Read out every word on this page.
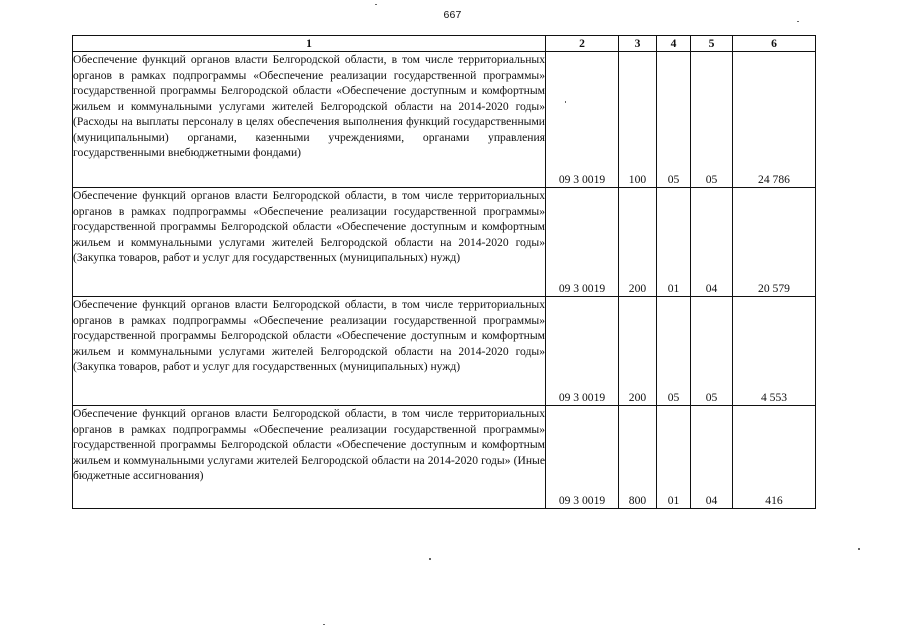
667
1	2	3	4	5	6
Обеспечение функций органов власти Белгородской области, в том числе территориальных органов в рамках подпрограммы «Обеспечение реализации государственной программы» государственной программы Белгородской области «Обеспечение доступным и комфортным жильем и коммунальными услугами жителей Белгородской области на 2014-2020 годы» (Расходы на выплаты персоналу в целях обеспечения выполнения функций государственными (муниципальными) органами, казенными учреждениями, органами управления государственными внебюджетными фондами)	09 3 0019	100	05	05	24 786
Обеспечение функций органов власти Белгородской области, в том числе территориальных органов в рамках подпрограммы «Обеспечение реализации государственной программы» государственной программы Белгородской области «Обеспечение доступным и комфортным жильем и коммунальными услугами жителей Белгородской области на 2014-2020 годы» (Закупка товаров, работ и услуг для государственных (муниципальных) нужд)	09 3 0019	200	01	04	20 579
Обеспечение функций органов власти Белгородской области, в том числе территориальных органов в рамках подпрограммы «Обеспечение реализации государственной программы» государственной программы Белгородской области «Обеспечение доступным и комфортным жильем и коммунальными услугами жителей Белгородской области на 2014-2020 годы» (Закупка товаров, работ и услуг для государственных (муниципальных) нужд)	09 3 0019	200	05	05	4 553
Обеспечение функций органов власти Белгородской области, в том числе территориальных органов в рамках подпрограммы «Обеспечение реализации государственной программы» государственной программы Белгородской области «Обеспечение доступным и комфортным жильем и коммунальными услугами жителей Белгородской области на 2014-2020 годы» (Иные бюджетные ассигнования)	09 3 0019	800	01	04	416
